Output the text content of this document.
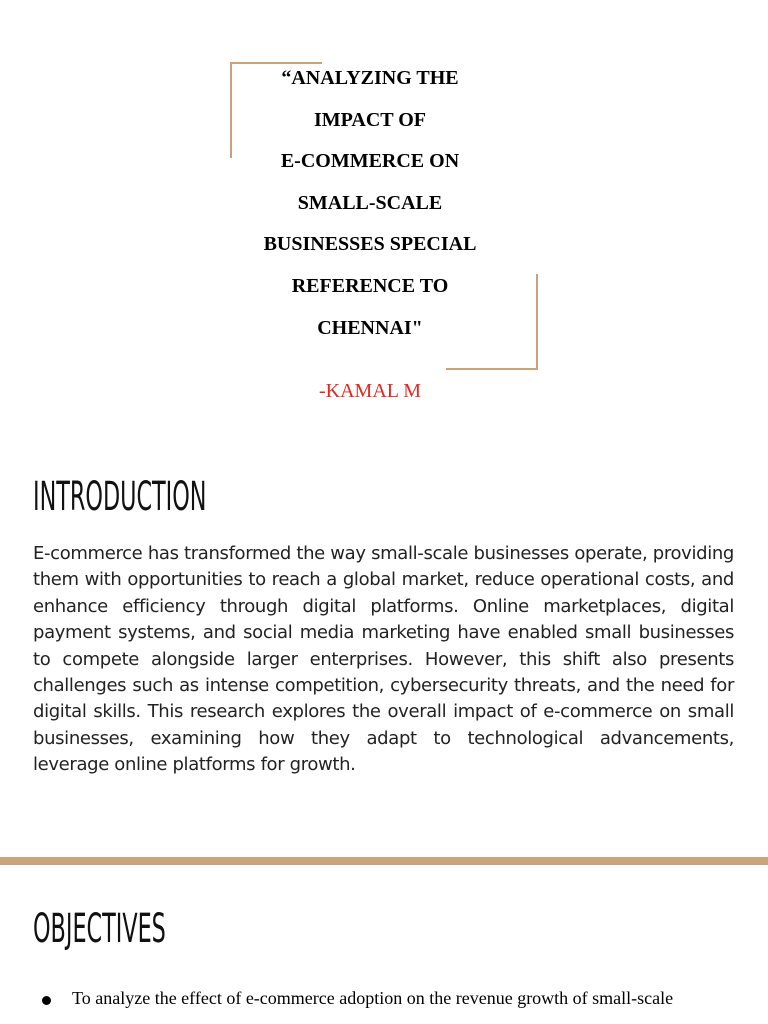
“ANALYZING THE
IMPACT OF
E-COMMERCE ON
SMALL-SCALE
BUSINESSES SPECIAL
REFERENCE TO
CHENNAI"
-KAMAL M
INTRODUCTION
E-commerce has transformed the way small-scale businesses operate, providing them with opportunities to reach a global market, reduce operational costs, and enhance efficiency through digital platforms. Online marketplaces, digital payment systems, and social media marketing have enabled small businesses to compete alongside larger enterprises. However, this shift also presents challenges such as intense competition, cybersecurity threats, and the need for digital skills. This research explores the overall impact of e-commerce on small businesses, examining how they adapt to technological advancements, leverage online platforms for growth.
OBJECTIVES
To analyze the effect of e-commerce adoption on the revenue growth of small-scale
